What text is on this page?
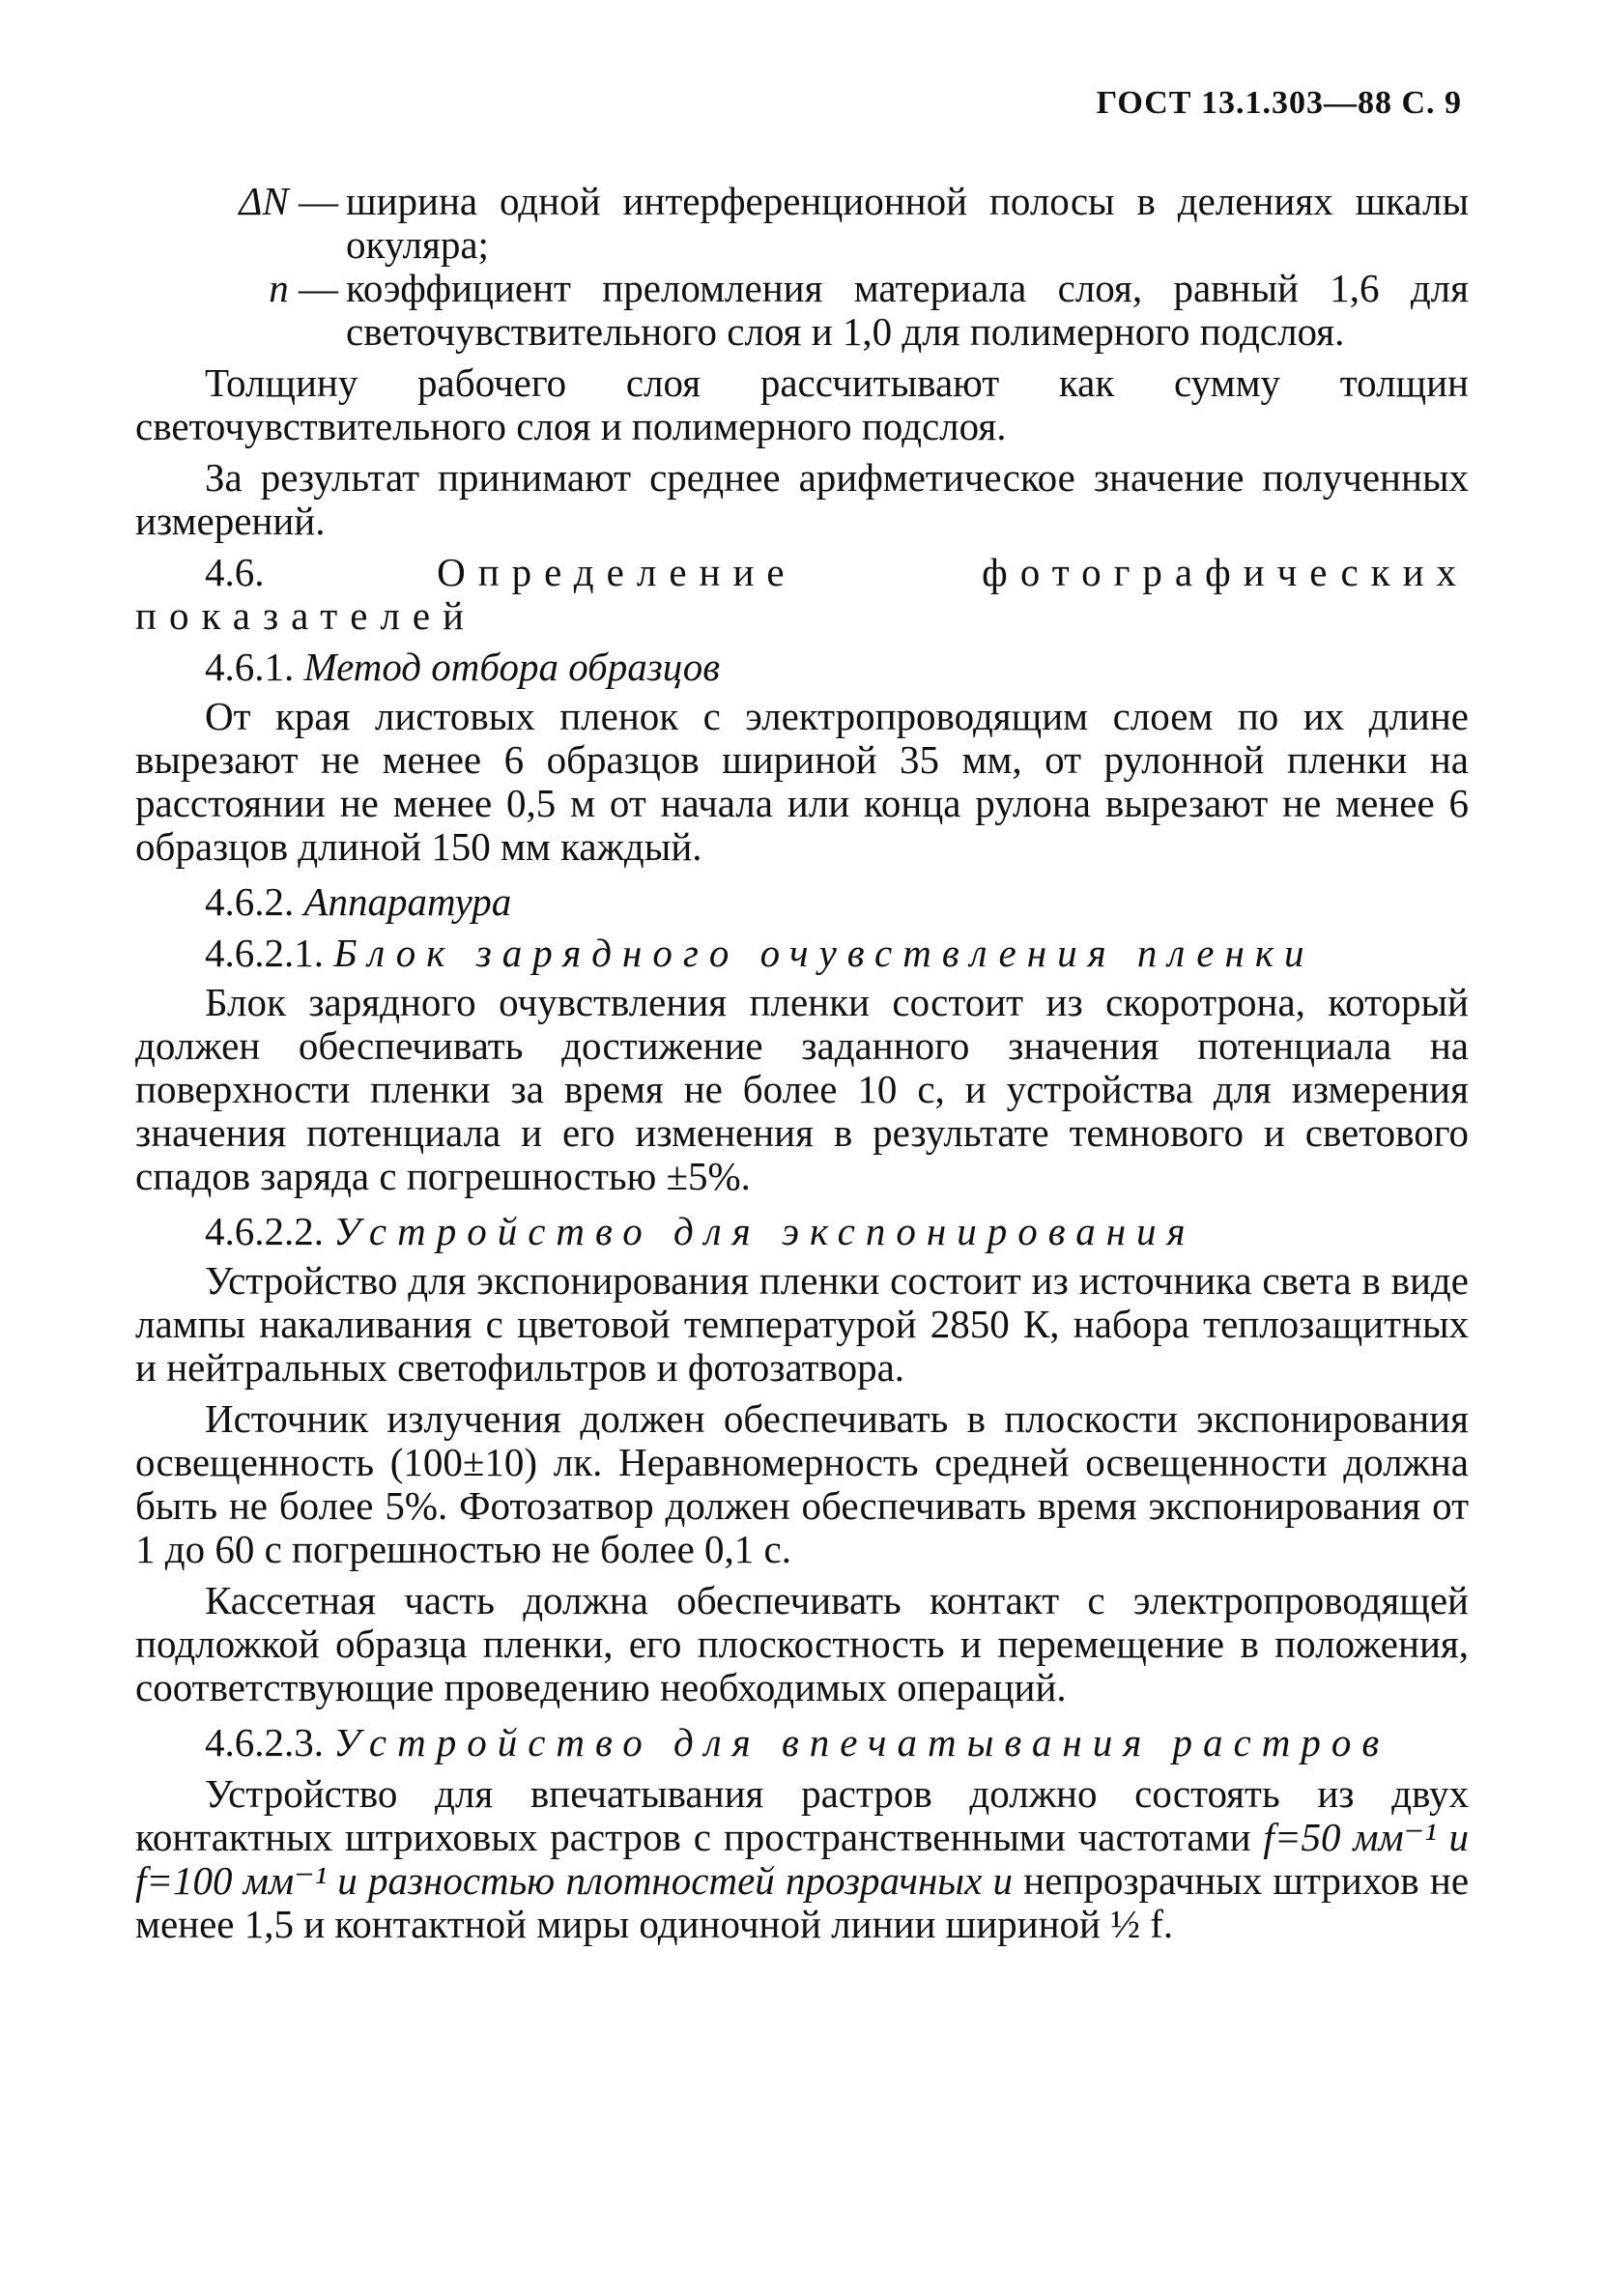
ГОСТ 13.1.303—88 С. 9
ΔN — ширина одной интерференционной полосы в делениях шкалы окуляра;
n — коэффициент преломления материала слоя, равный 1,6 для светочувствительного слоя и 1,0 для полимерного подслоя.

Толщину рабочего слоя рассчитывают как сумму толщин светочувствительного слоя и полимерного подслоя.

За результат принимают среднее арифметическое значение полученных измерений.

4.6.	Определение фотографических показателей

4.6.1. Метод отбора образцов

От края листовых пленок с электропроводящим слоем по их длине вырезают не менее 6 образцов шириной 35 мм, от рулонной пленки на расстоянии не менее 0,5 м от начала или конца рулона вырезают не менее 6 образцов длиной 150 мм каждый.

4.6.2. Аппаратура

4.6.2.1. Блок зарядного очувствления пленки

Блок зарядного очувствления пленки состоит из скоротрона, который должен обеспечивать достижение заданного значения потенциала на поверхности пленки за время не более 10 с, и устройства для измерения значения потенциала и его изменения в результате темнового и светового спадов заряда с погрешностью ±5%.

4.6.2.2. Устройство для экспонирования

Устройство для экспонирования пленки состоит из источника света в виде лампы накаливания с цветовой температурой 2850 К, набора теплозащитных и нейтральных светофильтров и фотозатвора.

Источник излучения должен обеспечивать в плоскости экспонирования освещенность (100±10) лк. Неравномерность средней освещенности должна быть не более 5%. Фотозатвор должен обеспечивать время экспонирования от 1 до 60 с погрешностью не более 0,1 с.

Кассетная часть должна обеспечивать контакт с электропроводящей подложкой образца пленки, его плоскостность и перемещение в положения, соответствующие проведению необходимых операций.

4.6.2.3. Устройство для впечатывания растров

Устройство для впечатывания растров должно состоять из двух контактных штриховых растров с пространственными частотами f=50 мм⁻¹ и f=100 мм⁻¹ и разностью плотностей прозрачных и непрозрачных штрихов не менее 1,5 и контактной миры одиночной линии шириной ½ f.
